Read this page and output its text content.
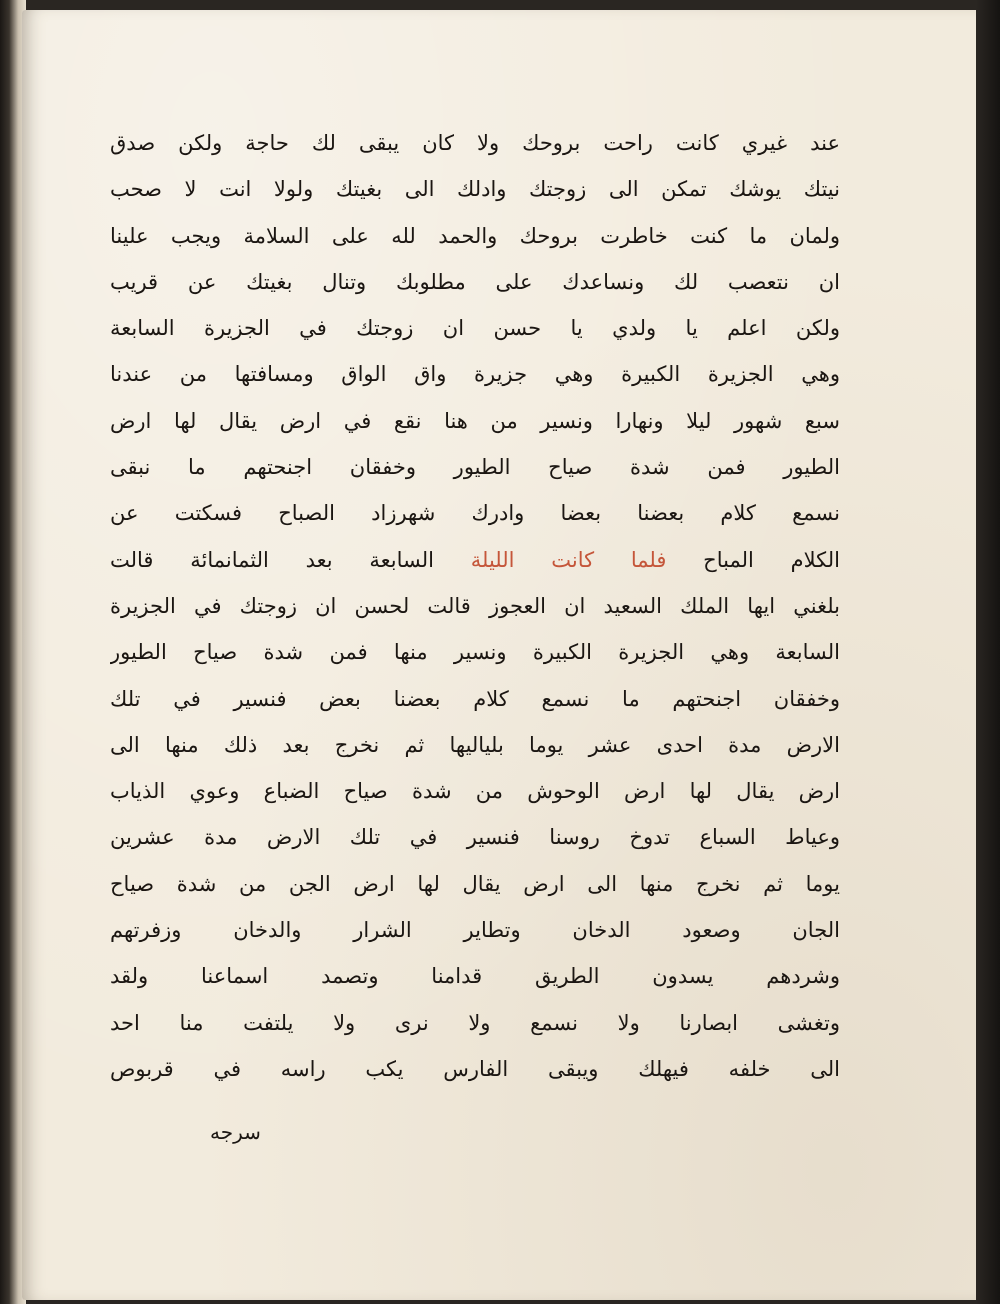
عند غيري كانت راحت بروحك ولا كان يبقى لك حاجة ولكن صدق
نيتك يوشك تمكن الى زوجتك وادلك الى بغيتك ولولا انت لا صحب
ولمان ما كنت خاطرت بروحك والحمد لله على السلامة ويجب علينا
ان نتعصب لك ونساعدك على مطلوبك وتنال بغيتك عن قريب
ولكن اعلم يا ولدي يا حسن ان زوجتك في الجزيرة السابعة
وهي الجزيرة الكبيرة وهي جزيرة واق الواق ومسافتها من عندنا
سبع شهور ليلا ونهارا ونسير من هنا نقع في ارض يقال لها ارض
الطيور فمن شدة صياح الطيور وخفقان اجنحتهم ما نبقى
نسمع كلام بعضنا بعضا وادرك شهرزاد الصباح فسكتت عن
الكلام المباح فلما كانت الليلة السابعة بعد الثمانمائة قالت
بلغني ايها الملك السعيد ان العجوز قالت لحسن ان زوجتك في الجزيرة
السابعة وهي الجزيرة الكبيرة ونسير منها فمن شدة صياح الطيور
وخفقان اجنحتهم ما نسمع كلام بعضنا بعض فنسير في تلك
الارض مدة احدى عشر يوما بلياليها ثم نخرج بعد ذلك منها الى
ارض يقال لها ارض الوحوش من شدة صياح الضباع وعوي الذياب
وعياط السباع تدوخ روسنا فنسير في تلك الارض مدة عشرين
يوما ثم نخرج منها الى ارض يقال لها ارض الجن من شدة صياح
الجان وصعود الدخان وتطاير الشرار والدخان وزفرتهم
وشردهم يسدون الطريق قدامنا وتصمد اسماعنا ولقد
وتغشى ابصارنا ولا نسمع ولا نرى ولا يلتفت منا احد
الى خلفه فيهلك ويبقى الفارس يكب راسه في قربوص
سرجه
